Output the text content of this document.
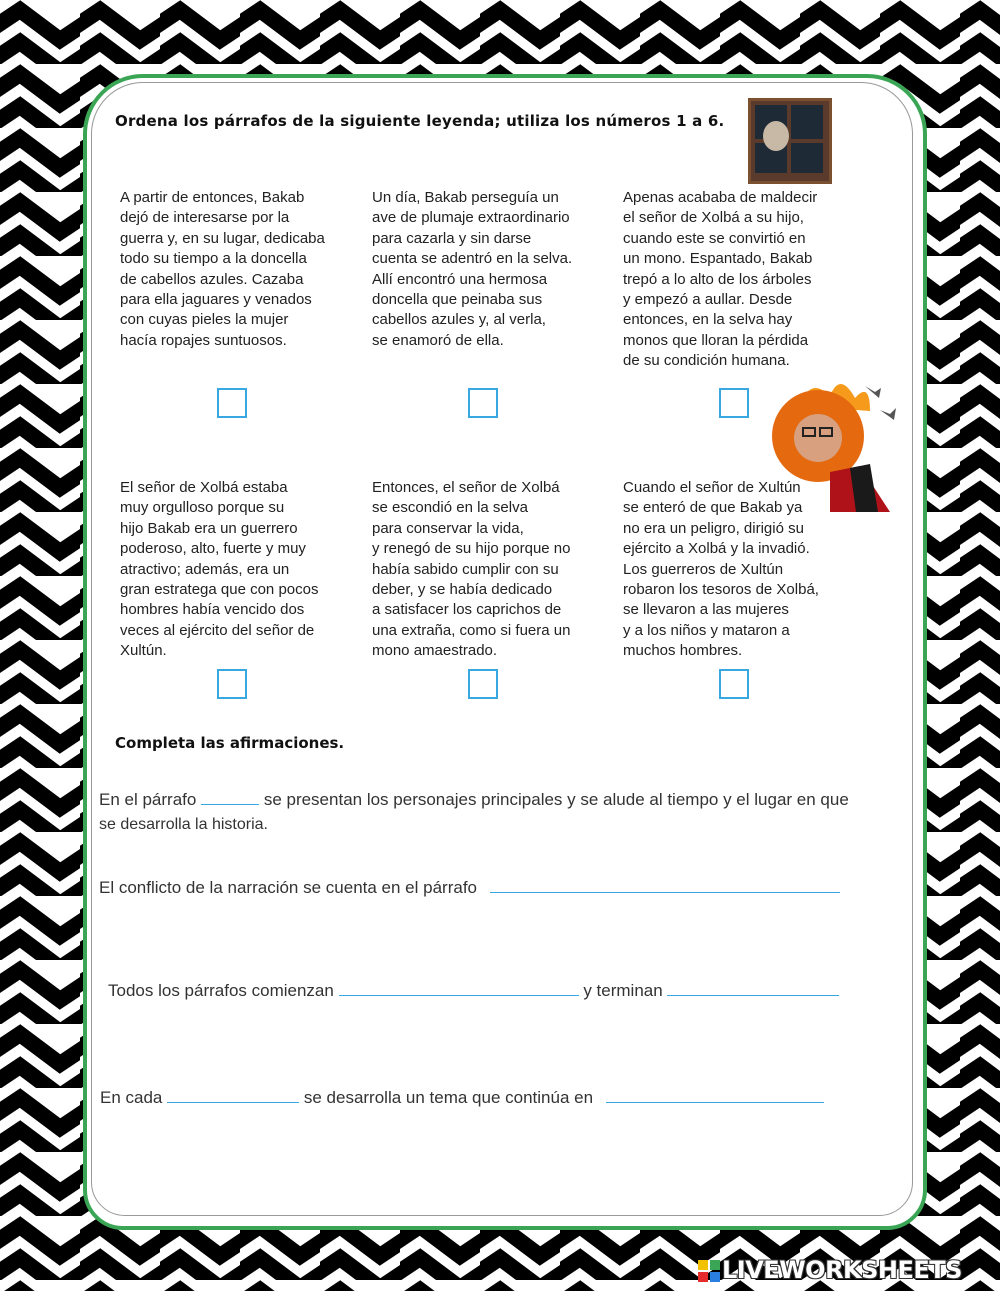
Ordena los párrafos de la siguiente leyenda; utiliza los números 1 a 6.
A partir de entonces, Bakab
dejó de interesarse por la
guerra y, en su lugar, dedicaba
todo su tiempo a la doncella
de cabellos azules. Cazaba
para ella jaguares y venados
con cuyas pieles la mujer
hacía ropajes suntuosos.
Un día, Bakab perseguía un
ave de plumaje extraordinario
para cazarla y sin darse
cuenta se adentró en la selva.
Allí encontró una hermosa
doncella que peinaba sus
cabellos azules y, al verla,
se enamoró de ella.
Apenas acababa de maldecir
el señor de Xolbá a su hijo,
cuando este se convirtió en
un mono. Espantado, Bakab
trepó a lo alto de los árboles
y empezó a aullar. Desde
entonces, en la selva hay
monos que lloran la pérdida
de su condición humana.
El señor de Xolbá estaba
muy orgulloso porque su
hijo Bakab era un guerrero
poderoso, alto, fuerte y muy
atractivo; además, era un
gran estratega que con pocos
hombres había vencido dos
veces al ejército del señor de
Xultún.
Entonces, el señor de Xolbá
se escondió en la selva
para conservar la vida,
y renegó de su hijo porque no
había sabido cumplir con su
deber, y se había dedicado
a satisfacer los caprichos de
una extraña, como si fuera un
mono amaestrado.
Cuando el señor de Xultún
se enteró de que Bakab ya
no era un peligro, dirigió su
ejército a Xolbá y la invadió.
Los guerreros de Xultún
robaron los tesoros de Xolbá,
se llevaron a las mujeres
y a los niños y mataron a
muchos hombres.
Completa las afirmaciones.
En el párrafo	se presentan los personajes principales y se alude al tiempo y el lugar en que
se desarrolla la historia.
El conflicto de la narración se cuenta en el párrafo
Todos los párrafos comienzan	y terminan
En cada	se desarrolla un tema que continúa en
LIVEWORKSHEETS
